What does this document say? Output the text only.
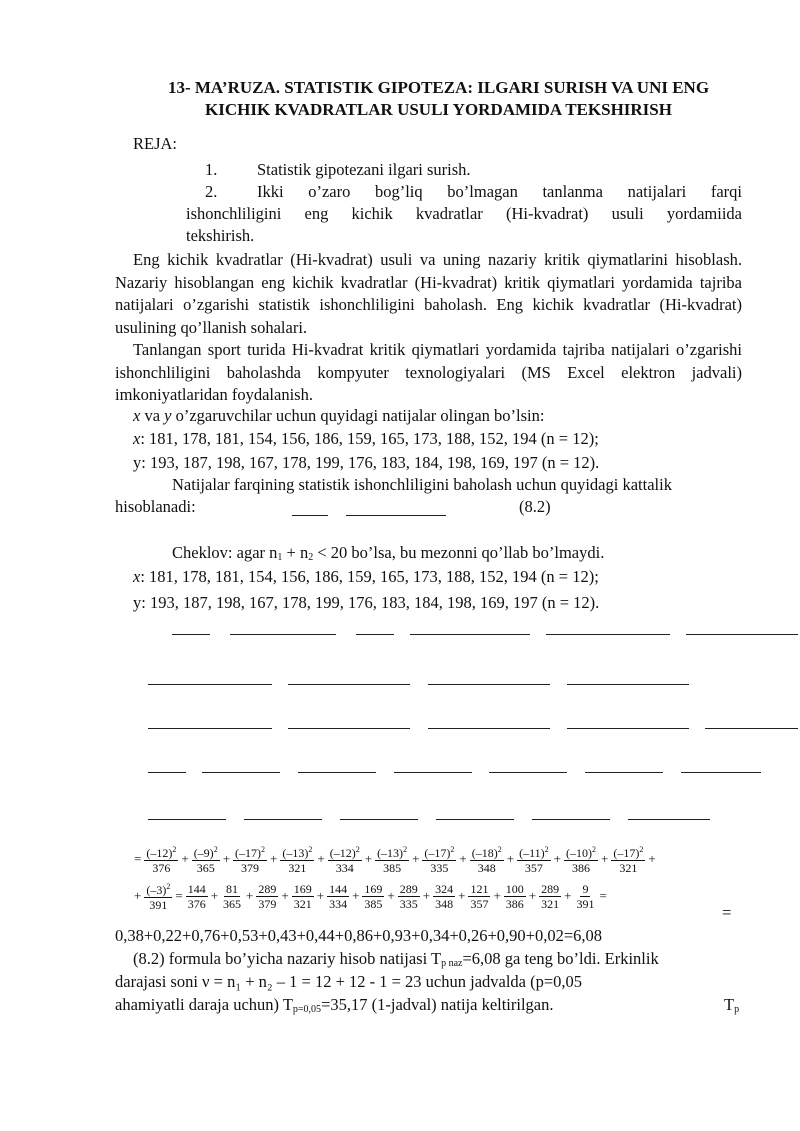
13- MA’RUZA. STATISTIK GIPOTEZA: ILGARI SURISH VA UNI ENG
KICHIK KVADRATLAR USULI YORDAMIDA TEKSHIRISH
REJA:
1. Statistik gipotezani ilgari surish.
2. Ikki o’zaro bog’liq bo’lmagan tanlanma natijalari farqi
ishonchliligini eng kichik kvadratlar (Hi-kvadrat) usuli yordamiida
tekshirish.
Eng kichik kvadratlar (Hi-kvadrat) usuli va uning nazariy kritik qiymatlarini hisoblash. Nazariy hisoblangan eng kichik kvadratlar (Hi-kvadrat) kritik qiymatlari yordamida tajriba natijalari o’zgarishi statistik ishonchliligini baholash. Eng kichik kvadratlar (Hi-kvadrat) usulining qo’llanish sohalari.
Tanlangan sport turida Hi-kvadrat kritik qiymatlari yordamida tajriba natijalari o’zgarishi ishonchliligini baholashda kompyuter texnologiyalari (MS Excel elektron jadvali) imkoniyatlaridan foydalanish.
x va y o’zgaruvchilar uchun quyidagi natijalar olingan bo’lsin:
x: 181, 178, 181, 154, 156, 186, 159, 165, 173, 188, 152, 194 (n = 12);
y: 193, 187, 198, 167, 178, 199, 176, 183, 184, 198, 169, 197 (n = 12).
Natijalar farqining statistik ishonchliligini baholash uchun quyidagi kattalik
hisoblanadi:	(8.2)
Cheklov: agar $n_1 + n_2 < 20$ bo’lsa, bu mezonni qo’llab bo’lmaydi.
x: 181, 178, 181, 154, 156, 186, 159, 165, 173, 188, 152, 194 (n = 12);
y: 193, 187, 198, 167, 178, 199, 176, 183, 184, 198, 169, 197 (n = 12).
= $\frac{(-12)^2}{376} + \frac{(-9)^2}{365} + \frac{(-17)^2}{379} + \frac{(-13)^2}{321} + \frac{(-12)^2}{334} + \frac{(-13)^2}{385} + \frac{(-17)^2}{335} + \frac{(-18)^2}{348} + \frac{(-11)^2}{357} + \frac{(-10)^2}{386} + \frac{(-17)^2}{321}$ +
+ $\frac{(-3)^2}{391} = \frac{144}{376} + \frac{81}{365} + \frac{289}{379} + \frac{169}{321} + \frac{144}{334} + \frac{169}{385} + \frac{289}{335} + \frac{324}{348} + \frac{121}{357} + \frac{100}{386} + \frac{289}{321} + \frac{9}{391}$ =
=
0,38+0,22+0,76+0,53+0,43+0,44+0,86+0,93+0,34+0,26+0,90+0,02=6,08
(8.2) formula bo’yicha nazariy hisob natijasi $T_{p naz}=6,08$ ga teng bo’ldi. Erkinlik
darajasi soni ν = n₁ + n₂ – 1 = 12 + 12 - 1 = 23 uchun jadvalda (p=0,05
ahamiyatli daraja uchun) $T_{p=0,05}=35,17$ (1-jadval) natija keltirilgan.	$T_p$
